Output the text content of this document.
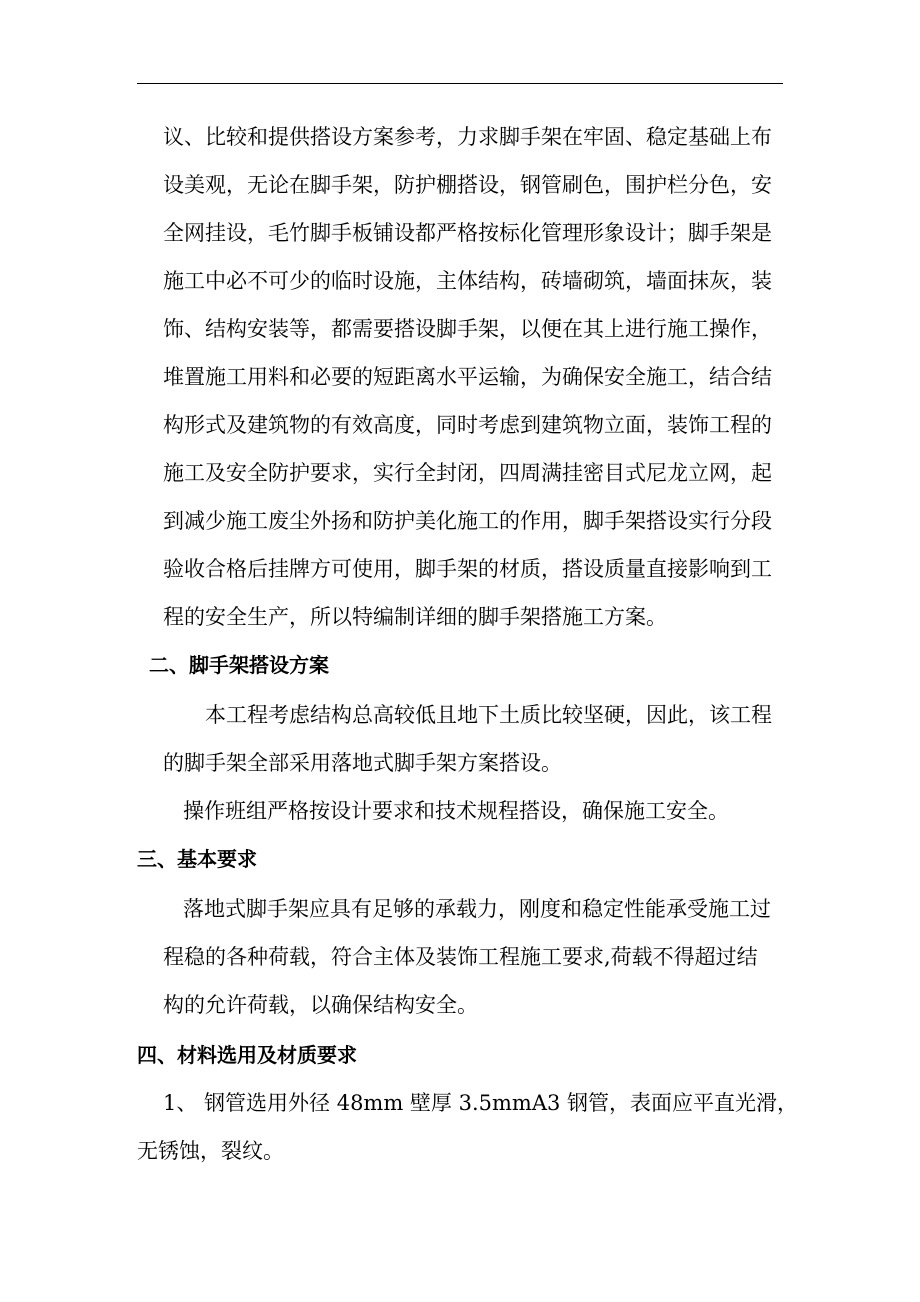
议、比较和提供搭设方案参考，力求脚手架在牢固、稳定基础上布
设美观，无论在脚手架，防护棚搭设，钢管刷色，围护栏分色，安
全网挂设，毛竹脚手板铺设都严格按标化管理形象设计；脚手架是
施工中必不可少的临时设施，主体结构，砖墙砌筑，墙面抹灰，装
饰、结构安装等，都需要搭设脚手架，以便在其上进行施工操作，
堆置施工用料和必要的短距离水平运输，为确保安全施工，结合结
构形式及建筑物的有效高度，同时考虑到建筑物立面，装饰工程的
施工及安全防护要求，实行全封闭，四周满挂密目式尼龙立网，起
到减少施工废尘外扬和防护美化施工的作用，脚手架搭设实行分段
验收合格后挂牌方可使用，脚手架的材质，搭设质量直接影响到工
程的安全生产，所以特编制详细的脚手架搭施工方案。
二、脚手架搭设方案
本工程考虑结构总高较低且地下土质比较坚硬，因此，该工程
的脚手架全部采用落地式脚手架方案搭设。
操作班组严格按设计要求和技术规程搭设，确保施工安全。
三、基本要求
落地式脚手架应具有足够的承载力，刚度和稳定性能承受施工过
程稳的各种荷载，符合主体及装饰工程施工要求,荷载不得超过结
构的允许荷载，以确保结构安全。
四、材料选用及材质要求
1、 钢管选用外径 48mm 壁厚 3.5mmA3 钢管，表面应平直光滑，
无锈蚀，裂纹。
